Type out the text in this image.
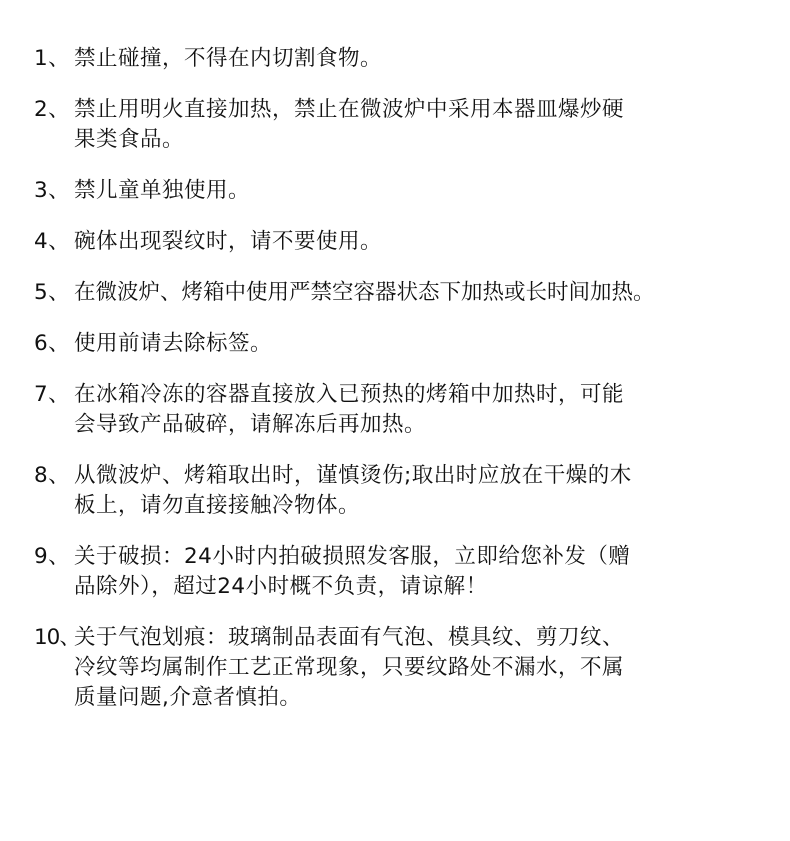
1、 禁止碰撞，不得在内切割食物。
2、 禁止用明火直接加热，禁止在微波炉中采用本器皿爆炒硬
果类食品。
3、 禁儿童单独使用。
4、 碗体出现裂纹时，请不要使用。
5、 在微波炉、烤箱中使用严禁空容器状态下加热或长时间加热。
6、 使用前请去除标签。
7、 在冰箱冷冻的容器直接放入已预热的烤箱中加热时，可能
会导致产品破碎，请解冻后再加热。
8、 从微波炉、烤箱取出时，谨慎烫伤;取出时应放在干燥的木
板上，请勿直接接触冷物体。
9、 关于破损：24小时内拍破损照发客服，立即给您补发（赠
品除外），超过24小时概不负责，请谅解！
10、
关于气泡划痕：玻璃制品表面有气泡、模具纹、剪刀纹、
冷纹等均属制作工艺正常现象，只要纹路处不漏水，不属
质量问题,介意者慎拍。
